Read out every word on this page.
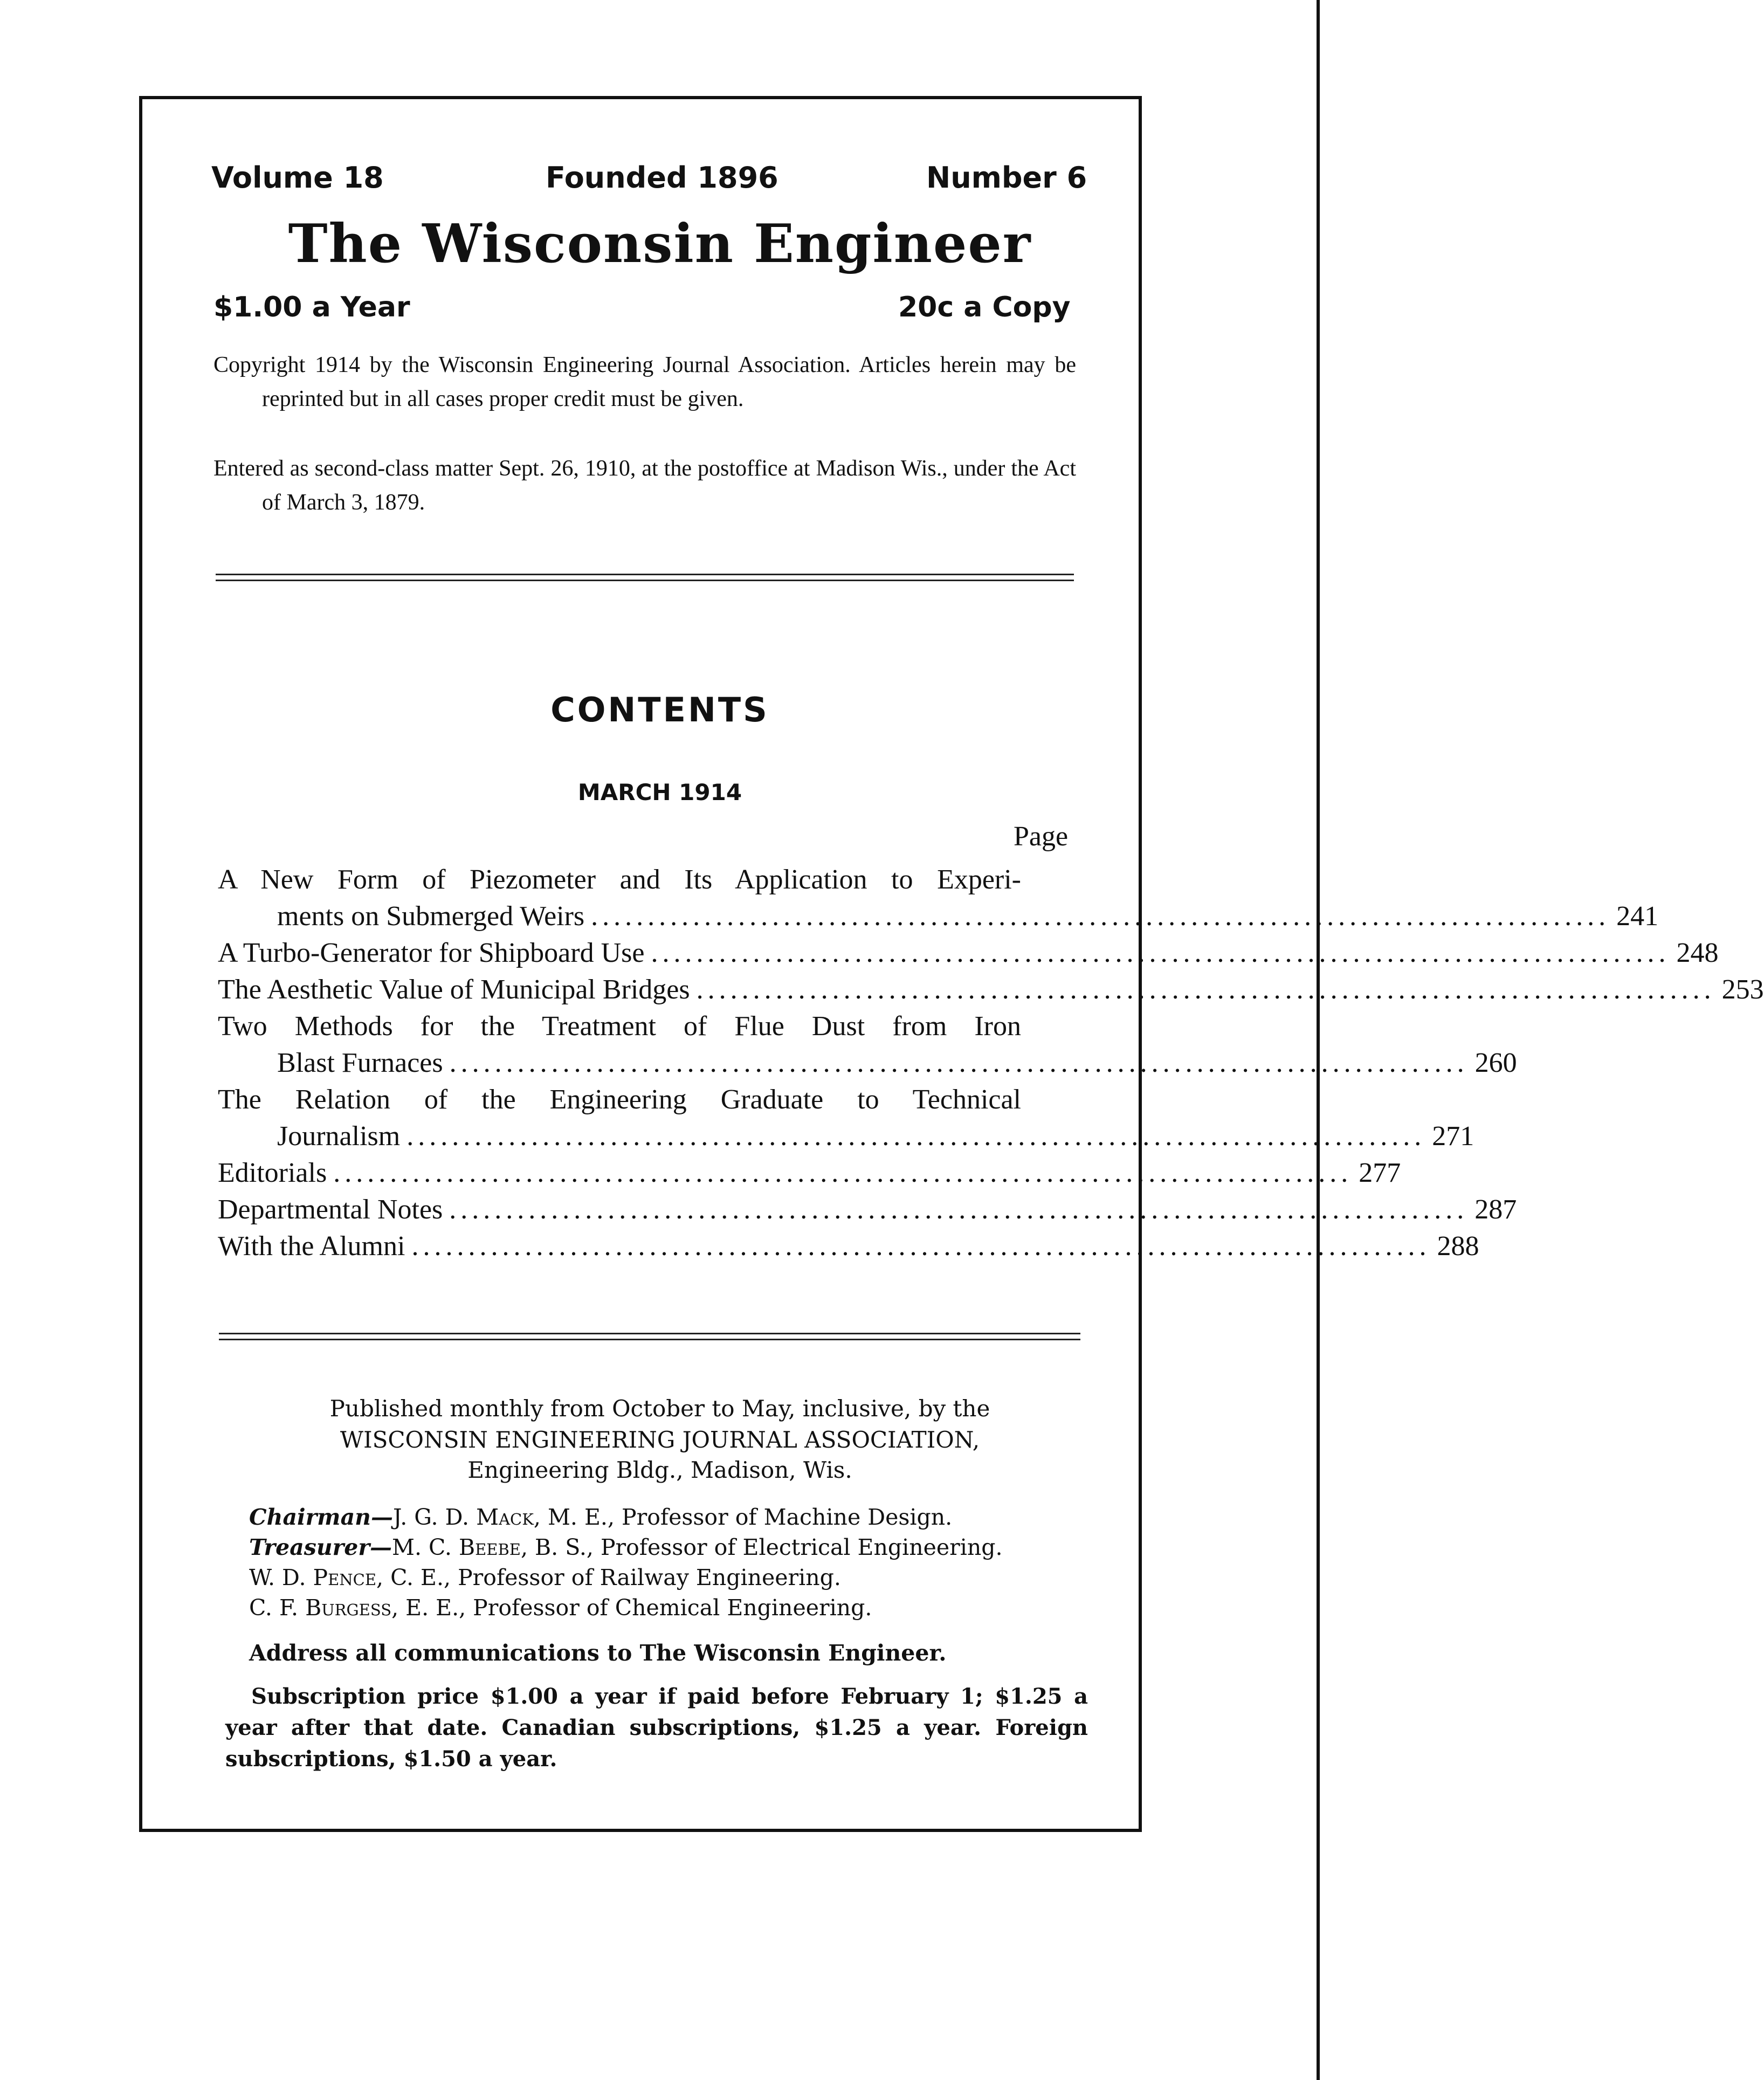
Volume 18	Founded 1896	Number 6
The Wisconsin Engineer
$1.00 a Year	20c a Copy
Copyright 1914 by the Wisconsin Engineering Journal Association. Articles herein may be reprinted but in all cases proper credit must be given.
Entered as second-class matter Sept. 26, 1910, at the postoffice at Madison Wis., under the Act of March 3, 1879.
CONTENTS
MARCH 1914
Page
A New Form of Piezometer and Its Application to Experi-
ments on Submerged Weirs .......................................................................................... 241
A Turbo-Generator for Shipboard Use .......................................................................................... 248
The Aesthetic Value of Municipal Bridges .......................................................................................... 253
Two Methods for the Treatment of Flue Dust from Iron
Blast Furnaces .......................................................................................... 260
The Relation of the Engineering Graduate to Technical
Journalism .......................................................................................... 271
Editorials .......................................................................................... 277
Departmental Notes .......................................................................................... 287
With the Alumni .......................................................................................... 288
Published monthly from October to May, inclusive, by the
WISCONSIN ENGINEERING JOURNAL ASSOCIATION,
Engineering Bldg., Madison, Wis.
Chairman—J. G. D. Mack, M. E., Professor of Machine Design.
Treasurer—M. C. Beebe, B. S., Professor of Electrical Engineering.
W. D. Pence, C. E., Professor of Railway Engineering.
C. F. Burgess, E. E., Professor of Chemical Engineering.
Address all communications to The Wisconsin Engineer.
Subscription price $1.00 a year if paid before February 1; $1.25 a year after that date. Canadian subscriptions, $1.25 a year. Foreign subscriptions, $1.50 a year.
